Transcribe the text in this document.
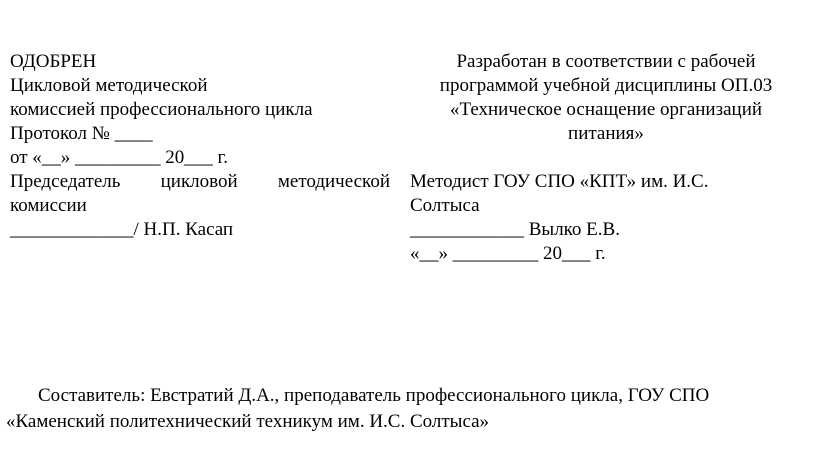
ОДОБРЕН
Цикловой методической
комиссией профессионального цикла
Протокол № ____
от «__» _________ 20___ г.
Председатель цикловой методической
комиссии
_____________/ Н.П. Касап
Разработан в соответствии с рабочей
программой учебной дисциплины ОП.03
«Техническое оснащение организаций
питания»
Методист ГОУ СПО «КПТ» им. И.С.
Солтыса
____________ Вылко Е.В.
«__» _________ 20___ г.
Составитель: Евстратий Д.А., преподаватель профессионального цикла, ГОУ СПО
«Каменский политехнический техникум им. И.С. Солтыса»
